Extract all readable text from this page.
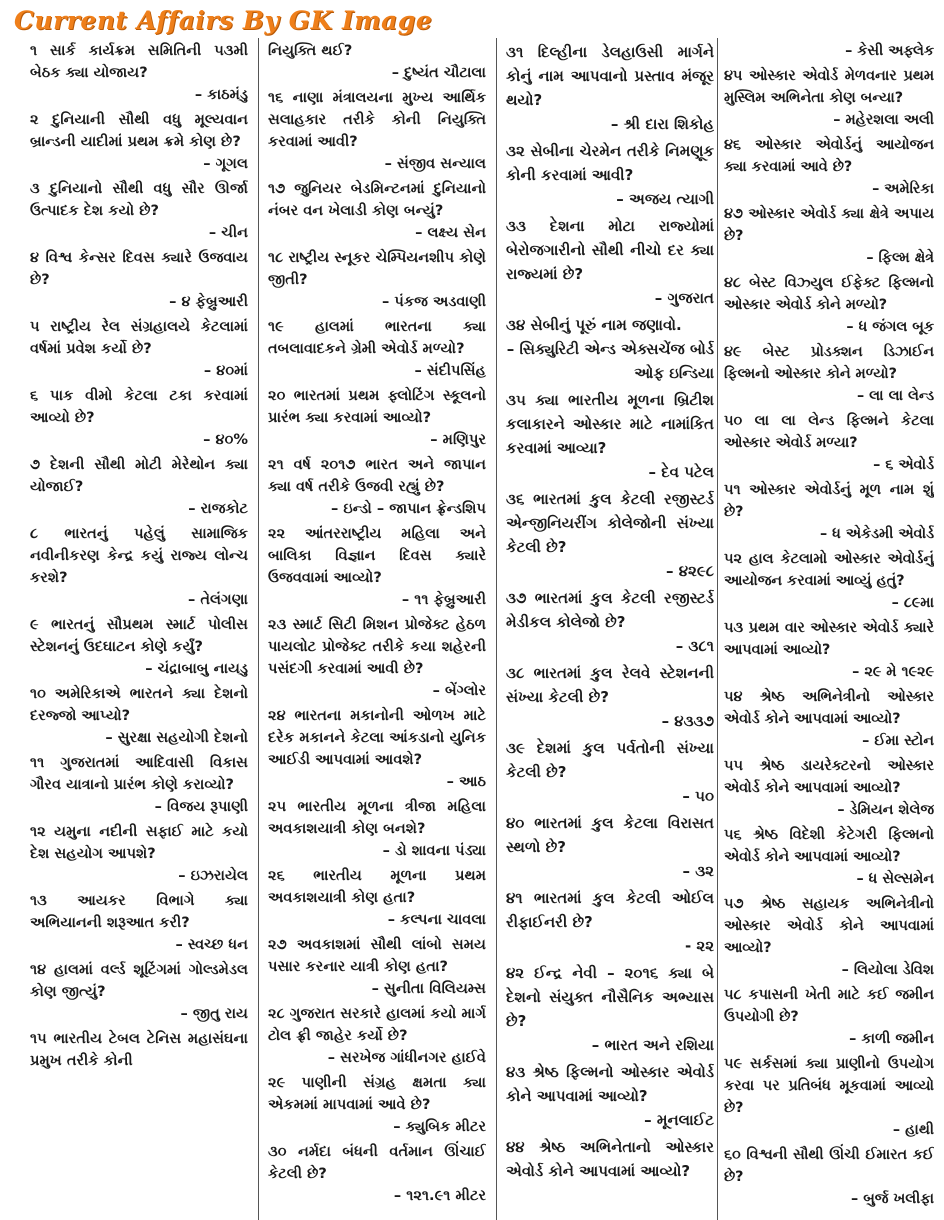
Current Affairs By GK Image

૧ સાર્ક કાર્યક્રમ સમિતિની ૫૩મી બેઠક ક્યા યોજાય?

– કાઠમંડુ

૨ દુનિયાની સૌથી વધુ મૂલ્યવાન બ્રાન્ડની યાદીમાં પ્રથમ ક્રમે કોણ છે?

– ગૂગલ

૩ દુનિયાનો સૌથી વધુ સૌર ઊર્જા ઉત્પાદક દેશ કયો છે?

– ચીન

૪ વિશ્વ કેન્સર દિવસ ક્યારે ઉજવાય છે?

– ૪ ફેબ્રુઆરી

૫ રાષ્ટ્રીય રેલ સંગ્રહાલયે કેટલામાં વર્ષમાં પ્રવેશ કર્યો છે?

– ૪૦માં

૬ પાક વીમો કેટલા ટકા કરવામાં આવ્યો છે?

– ૪૦%

૭ દેશની સૌથી મોટી મેરેથોન ક્યા યોજાઈ?

– રાજકોટ

૮ ભારતનું પહેલું સામાજિક નવીનીકરણ કેન્દ્ર કયું રાજ્ય લોન્ચ કરશે?

– તેલંગણા

૯ ભારતનું સૌપ્રથમ સ્માર્ટ પોલીસ સ્ટેશનનું ઉદઘાટન કોણે કર્યું?

– ચંદ્રાબાબુ નાયડુ

૧૦ અમેરિકાએ ભારતને ક્યા દેશનો દરજ્જો આપ્યો?

– સુરક્ષા સહયોગી દેશનો

૧૧ ગુજરાતમાં આદિવાસી વિકાસ ગૌરવ યાત્રાનો પ્રારંભ કોણે કરાવ્યો?

– વિજય રૂપાણી

૧૨ યમુના નદીની સફાઈ માટે કયો દેશ સહયોગ આપશે?

– ઇઝરાયેલ

૧૩ આયકર વિભાગે ક્યા અભિયાનની શરૂઆત કરી?

– સ્વચ્છ ધન

૧૪ હાલમાં વર્લ્ડ શૂટિંગમાં ગોલ્ડમેડલ કોણ જીત્યું?

– જીતુ રાય

૧૫ ભારતીય ટેબલ ટેનિસ મહાસંઘના પ્રમુખ તરીકે કોની

નિયુક્તિ થઈ?

– દુષ્યંત ચૌટાલા

૧૬ નાણા મંત્રાલયના મુખ્ય આર્થિક સલાહકાર તરીકે કોની નિયુક્તિ કરવામાં આવી?

– સંજીવ સન્યાલ

૧૭ જુનિયર બેડમિન્ટનમાં દુનિયાનો નંબર વન ખેલાડી કોણ બન્યું?

– લક્ષ્ય સેન

૧૮ રાષ્ટ્રીય સ્નૂકર ચેમ્પિયનશીપ કોણે જીતી?

– પંકજ અડવાણી

૧૯ હાલમાં ભારતના ક્યા તબલાવાદકને ગ્રેમી એવોર્ડ મળ્યો?

– સંદીપસિંહ

૨૦ ભારતમાં પ્રથમ ફ્લોટિંગ સ્કૂલનો પ્રારંભ ક્યા કરવામાં આવ્યો?

– મણિપુર

૨૧ વર્ષ ૨૦૧૭ ભારત અને જાપાન ક્યા વર્ષ તરીકે ઉજવી રહ્યું છે?

– ઇન્ડો – જાપાન ફ્રેન્ડશિપ

૨૨ આંતરરાષ્ટ્રીય મહિલા અને બાલિકા વિજ્ઞાન દિવસ ક્યારે ઉજવવામાં આવ્યો?

– ૧૧ ફેબ્રુઆરી

૨૩ સ્માર્ટ સિટી મિશન પ્રોજેક્ટ હેઠળ પાયલોટ પ્રોજેક્ટ તરીકે કયા શહેરની પસંદગી કરવામાં આવી છે?

– બેંગ્લોર

૨૪ ભારતના મકાનોની ઓળખ માટે દરેક મકાનને કેટલા આંકડાનો યુનિક આઈડી આપવામાં આવશે?

– આઠ

૨૫ ભારતીય મૂળના ત્રીજા મહિલા અવકાશયાત્રી કોણ બનશે?

– ડો શાવના પંડ્યા

૨૬ ભારતીય મૂળના પ્રથમ અવકાશયાત્રી કોણ હતા?

– કલ્પના ચાવલા

૨૭ અવકાશમાં સૌથી લાંબો સમય પસાર કરનાર યાત્રી કોણ હતા?

– સુનીતા વિલિયમ્સ

૨૮ ગુજરાત સરકારે હાલમાં કયો માર્ગ ટોલ ફ્રી જાહેર કર્યો છે?

– સરખેજ ગાંધીનગર હાઈવે

૨૯ પાણીની સંગ્રહ ક્ષમતા ક્યા એકમમાં માપવામાં આવે છે?

– ક્યુબિક મીટર

૩૦ નર્મદા બંધની વર્તમાન ઊંચાઈ કેટલી છે?

– ૧૨૧.૯૧ મીટર

૩૧ દિલ્હીના ડેલહાઉસી માર્ગને કોનું નામ આપવાનો પ્રસ્તાવ મંજૂર થયો?

– શ્રી દારા શિકોહ

૩૨ સેબીના ચેરમેન તરીકે નિમણૂક કોની કરવામાં આવી?

– અજય ત્યાગી

૩૩ દેશના મોટા રાજ્યોમાં બેરોજગારીનો સૌથી નીચો દર ક્યા રાજ્યમાં છે?

– ગુજરાત

૩૪ સેબીનું પૂરું નામ જણાવો.

– સિક્યુરિટી એન્ડ એક્સચેંજ બોર્ડ ઓફ ઇન્ડિયા

૩૫ ક્યા ભારતીય મૂળના બ્રિટીશ કલાકારને ઓસ્કાર માટે નામાંકિત કરવામાં આવ્યા?

– દેવ પટેલ

૩૬ ભારતમાં કુલ કેટલી રજીસ્ટર્ડ એન્જીનિયરીંગ કોલેજોની સંખ્યા કેટલી છે?

– ૪૨૯૮

૩૭ ભારતમાં કુલ કેટલી રજીસ્ટર્ડ મેડીકલ કોલેજો છે?

– ૩૮૧

૩૮ ભારતમાં કુલ રેલવે સ્ટેશનની સંખ્યા કેટલી છે?

– ૪૩૩૭

૩૯ દેશમાં કુલ પર્વતોની સંખ્યા કેટલી છે?

– ૫૦

૪૦ ભારતમાં કુલ કેટલા વિરાસત સ્થળો છે?

– ૩૨

૪૧ ભારતમાં કુલ કેટલી ઓઈલ રીફાઈનરી છે?

- ૨૨

૪૨ ઈન્દ્ર નેવી – ૨૦૧૬ ક્યા બે દેશનો સંયુક્ત નૌસૈનિક અભ્યાસ છે?

– ભારત અને રશિયા

૪૩ શ્રેષ્ઠ ફિલ્મનો ઓસ્કાર એવોર્ડ કોને આપવામાં આવ્યો?

– મૂનલાઈટ

૪૪ શ્રેષ્ઠ અભિનેતાનો ઓસ્કાર એવોર્ડ કોને આપવામાં આવ્યો?

– કેસી અફ્લેક

૪૫ ઓસ્કાર એવોર્ડ મેળવનાર પ્રથમ મુસ્લિમ અભિનેતા કોણ બન્યા?

– મહેરશલા અલી

૪૬ ઓસ્કાર એવોર્ડનું આયોજન ક્યા કરવામાં આવે છે?

– અમેરિકા

૪૭ ઓસ્કાર એવોર્ડ ક્યા ક્ષેત્રે અપાય છે?

– ફિલ્મ ક્ષેત્રે

૪૮ બેસ્ટ વિઝ્યુલ ઈફેક્ટ ફિલ્મનો ઓસ્કાર એવોર્ડ કોને મળ્યો?

– ધ જંગલ બૂક

૪૯ બેસ્ટ પ્રોડક્શન ડિઝાઈન ફિલ્મનો ઓસ્કાર કોને મળ્યો?

– લા લા લેન્ડ

૫૦ લા લા લેન્ડ ફિલ્મને કેટલા ઓસ્કાર એવોર્ડ મળ્યા?

– ૬ એવોર્ડ

૫૧ ઓસ્કાર એવોર્ડનું મૂળ નામ શું છે?

– ધ એકેડમી એવોર્ડ

૫૨ હાલ કેટલામો ઓસ્કાર એવોર્ડનું આયોજન કરવામાં આવ્યું હતું?

– ૮૯મા

૫૩ પ્રથમ વાર ઓસ્કાર એવોર્ડ ક્યારે આપવામાં આવ્યો?

– ૨૯ મે ૧૯૨૯

૫૪ શ્રેષ્ઠ અભિનેત્રીનો ઓસ્કાર એવોર્ડ કોને આપવામાં આવ્યો?

– ઈમા સ્ટોન

૫૫ શ્રેષ્ઠ ડાયરેક્ટરનો ઓસ્કાર એવોર્ડ કોને આપવામાં આવ્યો?

– ડેમિયન શેલેજ

૫૬ શ્રેષ્ઠ વિદેશી કેટેગરી ફિલ્મનો એવોર્ડ કોને આપવામાં આવ્યો?

– ધ સેલ્સમેન

૫૭ શ્રેષ્ઠ સહાયક અભિનેત્રીનો ઓસ્કાર એવોર્ડ કોને આપવામાં આવ્યો?

– લિયોલા ડેવિશ

૫૮ કપાસની ખેતી માટે કઈ જમીન ઉપયોગી છે?

– કાળી જમીન

૫૯ સર્કસમાં ક્યા પ્રાણીનો ઉપયોગ કરવા પર પ્રતિબંધ મૂકવામાં આવ્યો છે?

– હાથી

૬૦ વિશ્વની સૌથી ઊંચી ઈમારત કઈ છે?

– બુર્જ ખલીફા
